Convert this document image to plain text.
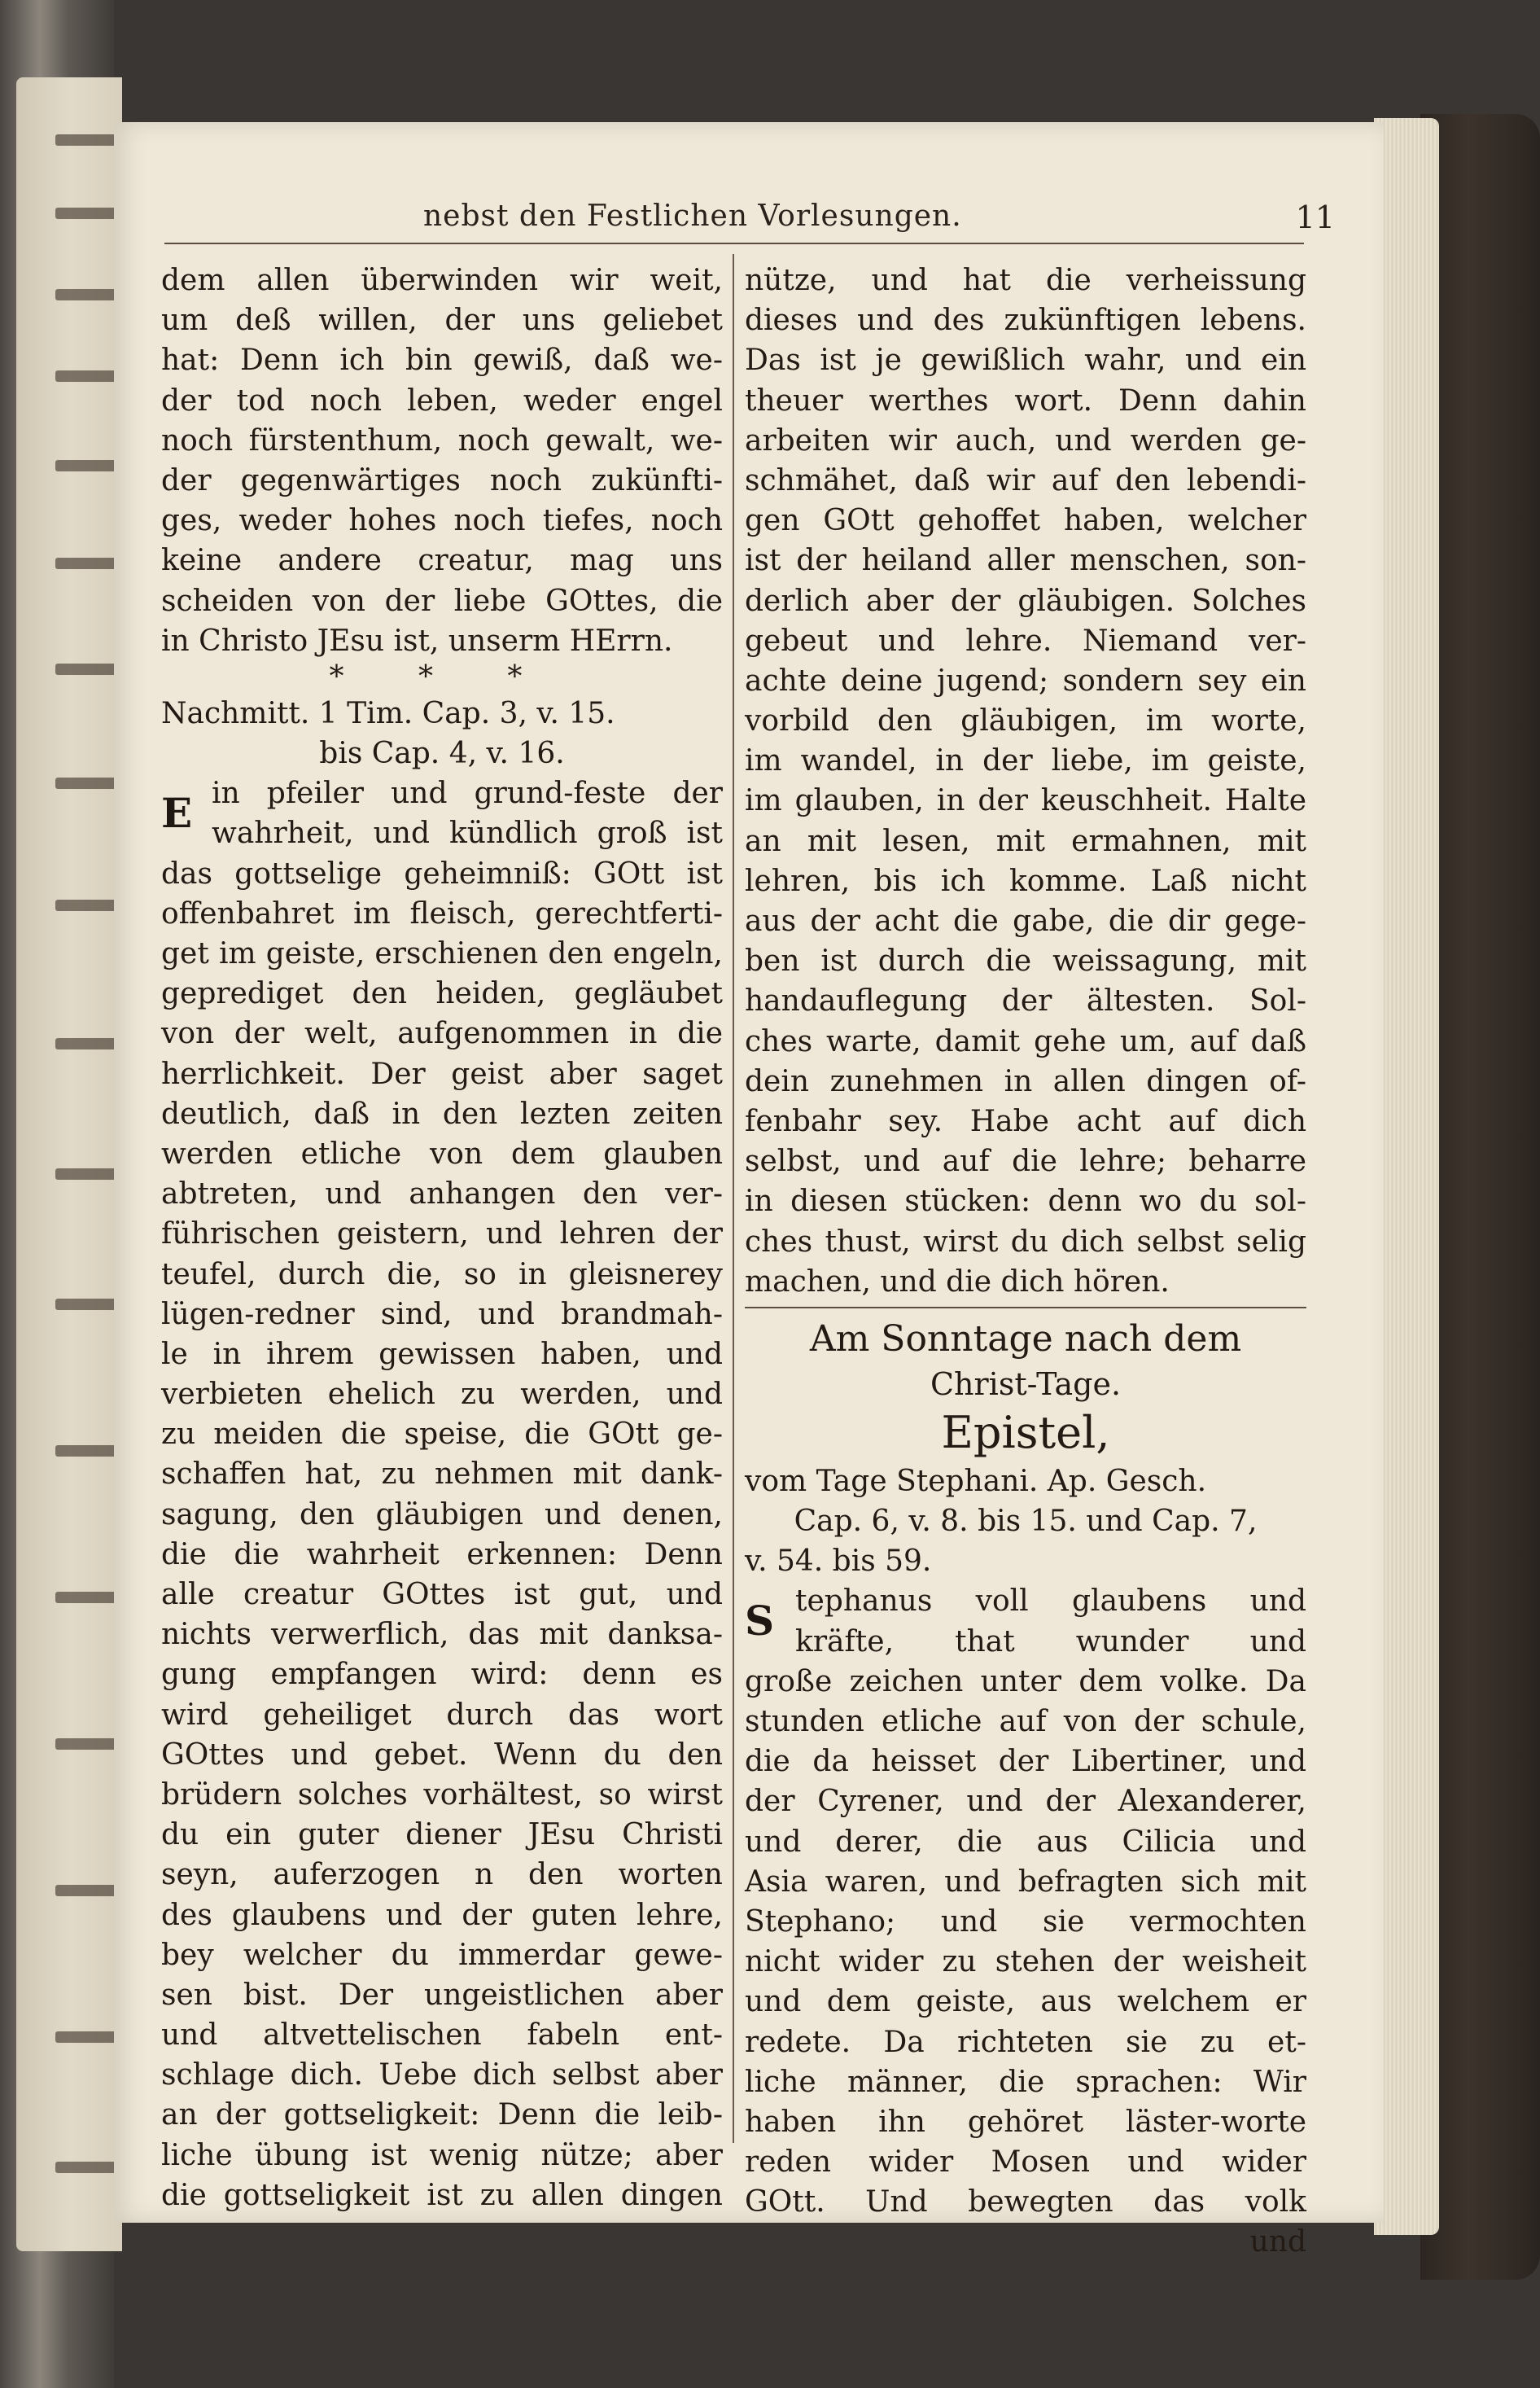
nebst den Festlichen Vorlesungen.	11
dem allen überwinden wir weit,
um deß willen, der uns geliebet
hat: Denn ich bin gewiß, daß we-
der tod noch leben, weder engel
noch fürstenthum, noch gewalt, we-
der gegenwärtiges noch zukünfti-
ges, weder hohes noch tiefes, noch
keine andere creatur, mag uns
scheiden von der liebe GOttes, die
in Christo JEsu ist, unserm HErrn.
* * *
Nachmitt. 1 Tim. Cap. 3, v. 15.
bis Cap. 4, v. 16.
E in pfeiler und grund-feste der
wahrheit, und kündlich groß ist
das gottselige geheimniß: GOtt ist
offenbahret im fleisch, gerechtferti-
get im geiste, erschienen den engeln,
geprediget den heiden, gegläubet
von der welt, aufgenommen in die
herrlichkeit. Der geist aber saget
deutlich, daß in den lezten zeiten
werden etliche von dem glauben
abtreten, und anhangen den ver-
führischen geistern, und lehren der
teufel, durch die, so in gleisnerey
lügen-redner sind, und brandmah-
le in ihrem gewissen haben, und
verbieten ehelich zu werden, und
zu meiden die speise, die GOtt ge-
schaffen hat, zu nehmen mit dank-
sagung, den gläubigen und denen,
die die wahrheit erkennen: Denn
alle creatur GOttes ist gut, und
nichts verwerflich, das mit danksa-
gung empfangen wird: denn es
wird geheiliget durch das wort
GOttes und gebet. Wenn du den
brüdern solches vorhältest, so wirst
du ein guter diener JEsu Christi
seyn, auferzogen n den worten
des glaubens und der guten lehre,
bey welcher du immerdar gewe-
sen bist. Der ungeistlichen aber
und altvettelischen fabeln ent-
schlage dich. Uebe dich selbst aber
an der gottseligkeit: Denn die leib-
liche übung ist wenig nütze; aber
die gottseligkeit ist zu allen dingen
nütze, und hat die verheissung
dieses und des zukünftigen lebens.
Das ist je gewißlich wahr, und ein
theuer werthes wort. Denn dahin
arbeiten wir auch, und werden ge-
schmähet, daß wir auf den lebendi-
gen GOtt gehoffet haben, welcher
ist der heiland aller menschen, son-
derlich aber der gläubigen. Solches
gebeut und lehre. Niemand ver-
achte deine jugend; sondern sey ein
vorbild den gläubigen, im worte,
im wandel, in der liebe, im geiste,
im glauben, in der keuschheit. Halte
an mit lesen, mit ermahnen, mit
lehren, bis ich komme. Laß nicht
aus der acht die gabe, die dir gege-
ben ist durch die weissagung, mit
handauflegung der ältesten. Sol-
ches warte, damit gehe um, auf daß
dein zunehmen in allen dingen of-
fenbahr sey. Habe acht auf dich
selbst, und auf die lehre; beharre
in diesen stücken: denn wo du sol-
ches thust, wirst du dich selbst selig
machen, und die dich hören.
Am Sonntage nach dem
Christ-Tage.
Epistel,
vom Tage Stephani. Ap. Gesch.
Cap. 6, v. 8. bis 15. und Cap. 7,
v. 54. bis 59.
S tephanus voll glaubens und
kräfte, that wunder und
große zeichen unter dem volke. Da
stunden etliche auf von der schule,
die da heisset der Libertiner, und
der Cyrener, und der Alexanderer,
und derer, die aus Cilicia und
Asia waren, und befragten sich mit
Stephano; und sie vermochten
nicht wider zu stehen der weisheit
und dem geiste, aus welchem er
redete. Da richteten sie zu et-
liche männer, die sprachen: Wir
haben ihn gehöret läster-worte
reden wider Mosen und wider
GOtt. Und bewegten das volk
und
